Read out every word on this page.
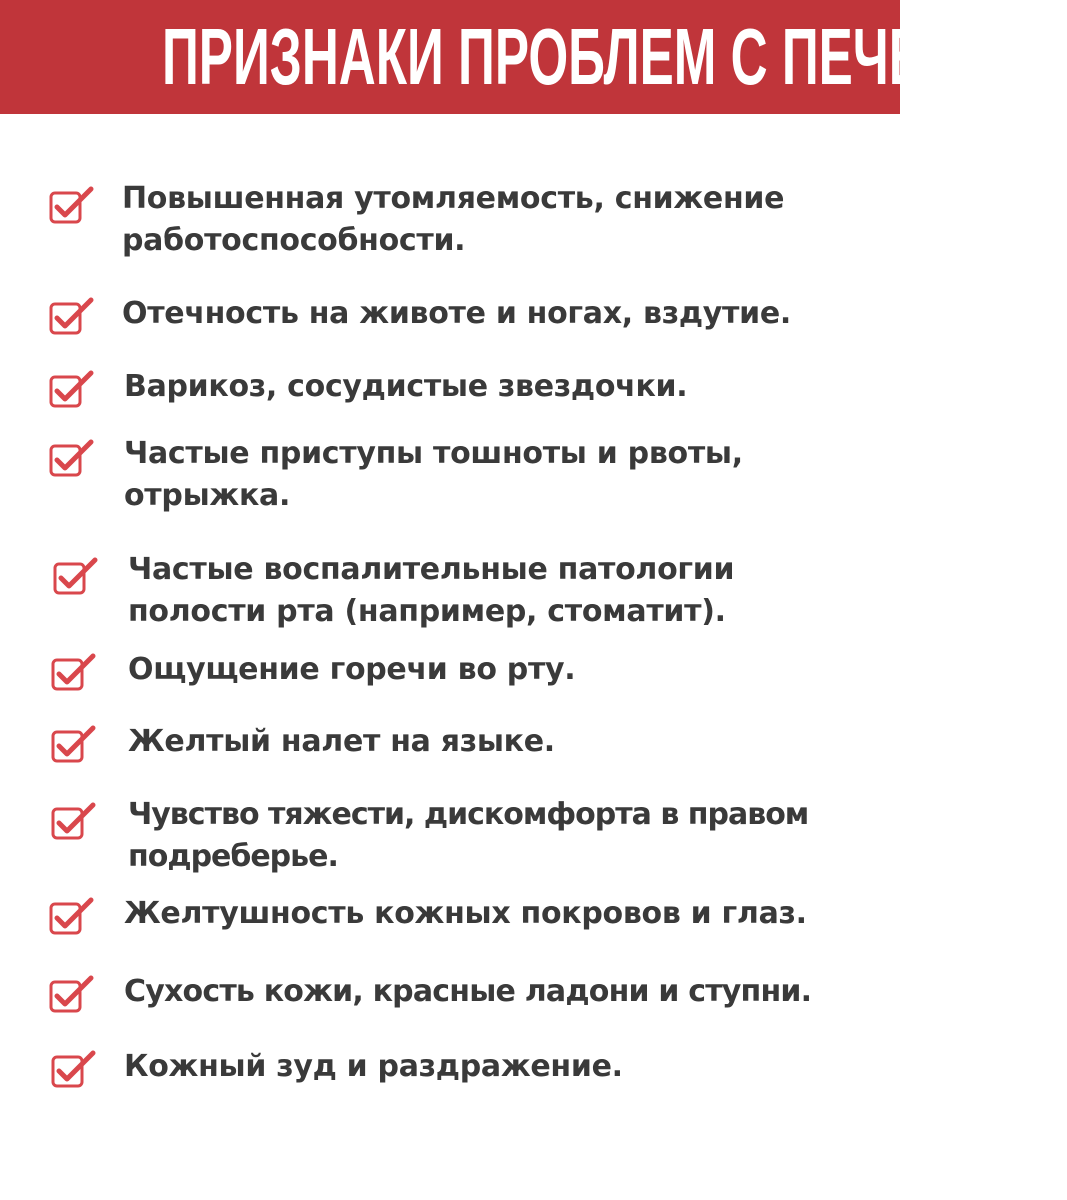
ПРИЗНАКИ ПРОБЛЕМ С ПЕЧЕНЬЮ:

Повышенная утомляемость, снижение
работоспособности.

Отечность на животе и ногах, вздутие.

Варикоз, сосудистые звездочки.

Частые приступы тошноты и рвоты,
отрыжка.

Частые воспалительные патологии
полости рта (например, стоматит).

Ощущение горечи во рту.

Желтый налет на языке.

Чувство тяжести, дискомфорта в правом
подреберье.

Желтушность кожных покровов и глаз.

Сухость кожи, красные ладони и ступни.

Кожный зуд и раздражение.
